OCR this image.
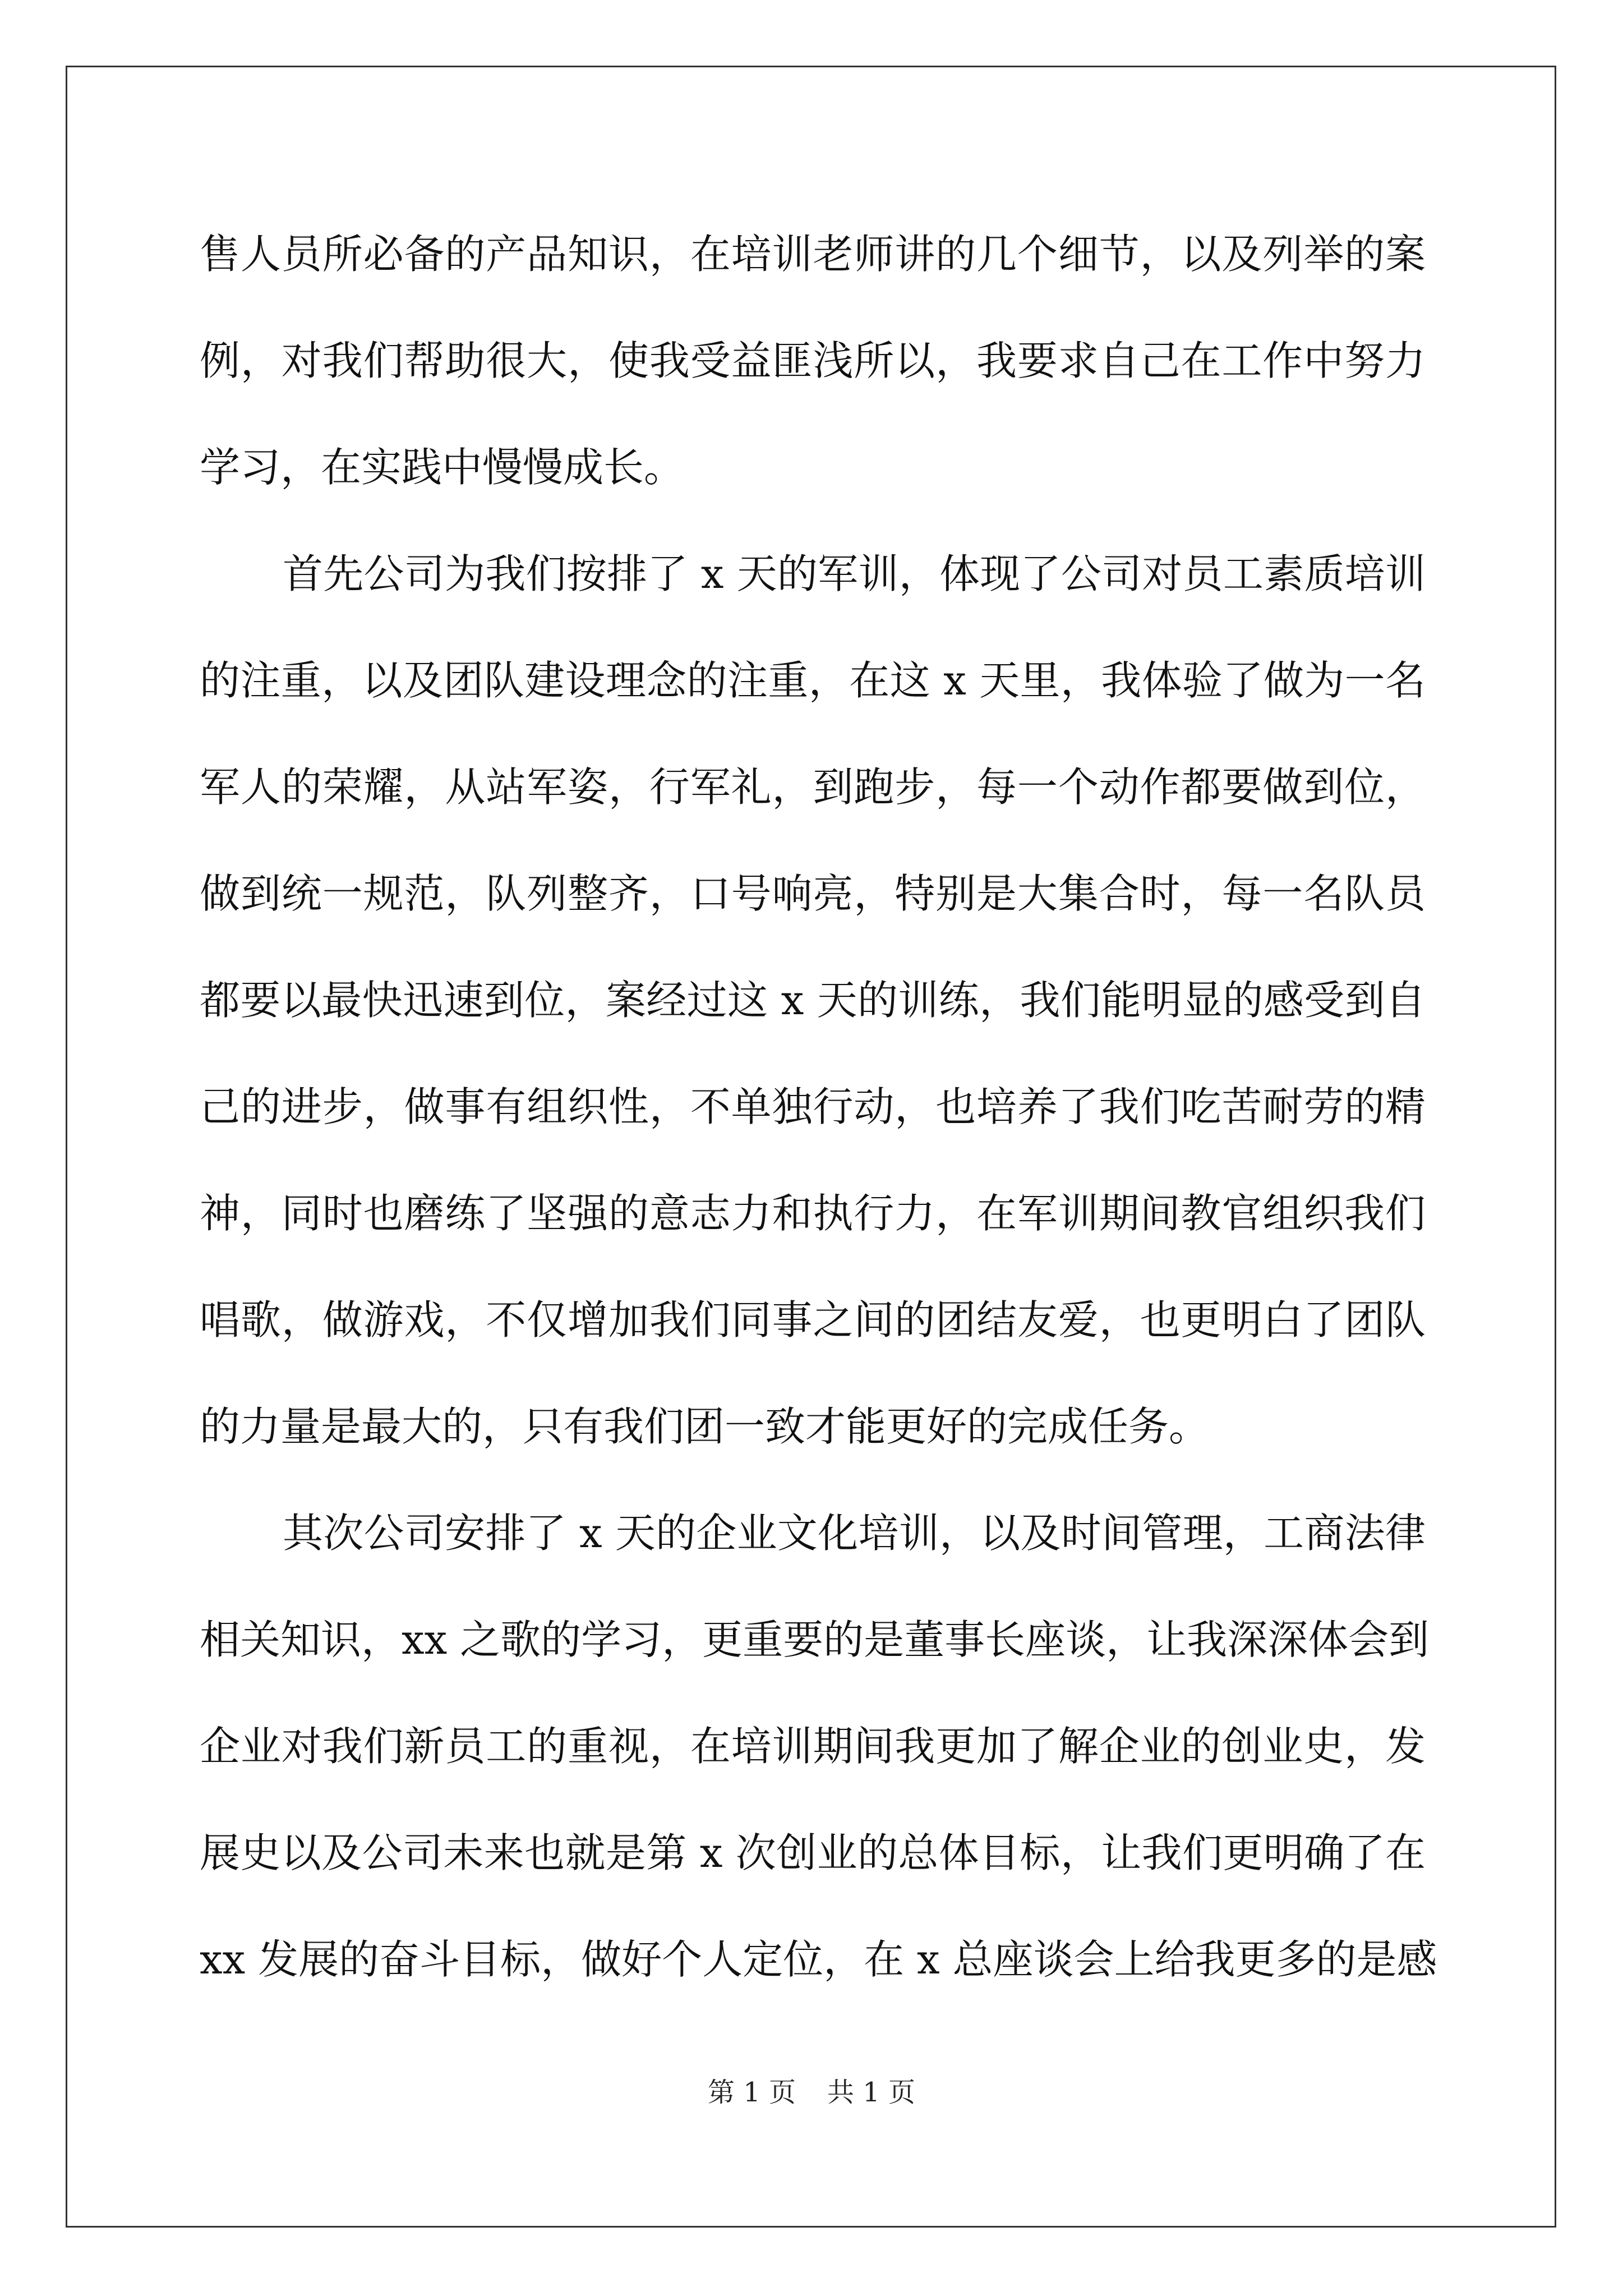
售人员所必备的产品知识，在培训老师讲的几个细节，以及列举的案
例，对我们帮助很大，使我受益匪浅所以，我要求自己在工作中努力
学习，在实践中慢慢成长。
首先公司为我们按排了 x 天的军训，体现了公司对员工素质培训
的注重，以及团队建设理念的注重，在这 x 天里，我体验了做为一名
军人的荣耀，从站军姿，行军礼，到跑步，每一个动作都要做到位，
做到统一规范，队列整齐，口号响亮，特别是大集合时，每一名队员
都要以最快迅速到位，案经过这 x 天的训练，我们能明显的感受到自
己的进步，做事有组织性，不单独行动，也培养了我们吃苦耐劳的精
神，同时也磨练了坚强的意志力和执行力，在军训期间教官组织我们
唱歌，做游戏，不仅增加我们同事之间的团结友爱，也更明白了团队
的力量是最大的，只有我们团一致才能更好的完成任务。
其次公司安排了 x 天的企业文化培训，以及时间管理，工商法律
相关知识，xx 之歌的学习，更重要的是董事长座谈，让我深深体会到
企业对我们新员工的重视，在培训期间我更加了解企业的创业史，发
展史以及公司未来也就是第 x 次创业的总体目标，让我们更明确了在
xx 发展的奋斗目标，做好个人定位，在 x 总座谈会上给我更多的是感
第 1 页 共 1 页
